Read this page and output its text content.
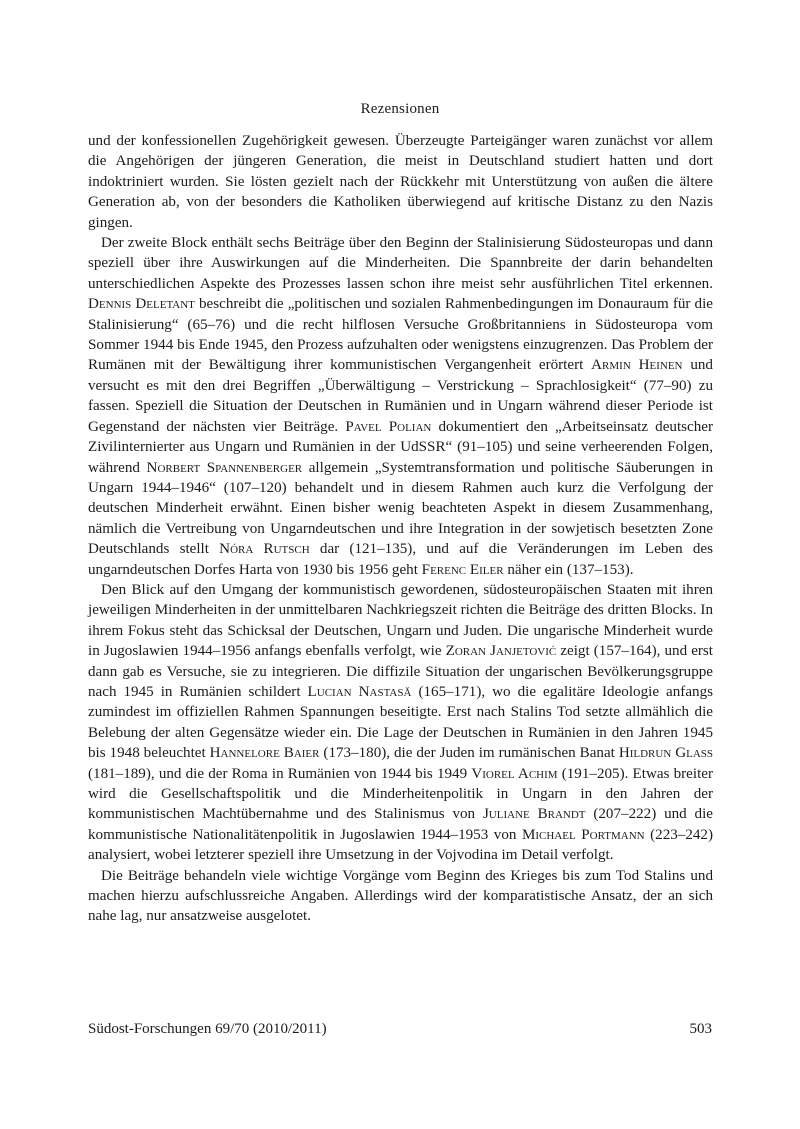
Rezensionen

und der konfessionellen Zugehörigkeit gewesen. Überzeugte Parteigänger waren zunächst vor allem die Angehörigen der jüngeren Generation, die meist in Deutschland studiert hatten und dort indoktriniert wurden. Sie lösten gezielt nach der Rückkehr mit Unterstützung von außen die ältere Generation ab, von der besonders die Katholiken überwiegend auf kritische Distanz zu den Nazis gingen.

Der zweite Block enthält sechs Beiträge über den Beginn der Stalinisierung Südosteuropas und dann speziell über ihre Auswirkungen auf die Minderheiten. Die Spannbreite der darin behandelten unterschiedlichen Aspekte des Prozesses lassen schon ihre meist sehr ausführlichen Titel erkennen. Dennis Deletant beschreibt die „politischen und sozialen Rahmenbedingungen im Donauraum für die Stalinisierung“ (65–76) und die recht hilflosen Versuche Großbritanniens in Südosteuropa vom Sommer 1944 bis Ende 1945, den Prozess aufzuhalten oder wenigstens einzugrenzen. Das Problem der Rumänen mit der Bewältigung ihrer kommunistischen Vergangenheit erörtert Armin Heinen und versucht es mit den drei Begriffen „Überwältigung – Verstrickung – Sprachlosigkeit“ (77–90) zu fassen. Speziell die Situation der Deutschen in Rumänien und in Ungarn während dieser Periode ist Gegenstand der nächsten vier Beiträge. Pavel Polian dokumentiert den „Arbeitseinsatz deutscher Zivilinternierter aus Ungarn und Rumänien in der UdSSR“ (91–105) und seine verheerenden Folgen, während Norbert Spannenberger allgemein „Systemtransformation und politische Säuberungen in Ungarn 1944–1946“ (107–120) behandelt und in diesem Rahmen auch kurz die Verfolgung der deutschen Minderheit erwähnt. Einen bisher wenig beachteten Aspekt in diesem Zusammenhang, nämlich die Vertreibung von Ungarndeutschen und ihre Integration in der sowjetisch besetzten Zone Deutschlands stellt Nóra Rutsch dar (121–135), und auf die Veränderungen im Leben des ungarndeutschen Dorfes Harta von 1930 bis 1956 geht Ferenc Eiler näher ein (137–153).

Den Blick auf den Umgang der kommunistisch gewordenen, südosteuropäischen Staaten mit ihren jeweiligen Minderheiten in der unmittelbaren Nachkriegszeit richten die Beiträge des dritten Blocks. In ihrem Fokus steht das Schicksal der Deutschen, Ungarn und Juden. Die ungarische Minderheit wurde in Jugoslawien 1944–1956 anfangs ebenfalls verfolgt, wie Zoran Janjetović zeigt (157–164), und erst dann gab es Versuche, sie zu integrieren. Die diffizile Situation der ungarischen Bevölkerungsgruppe nach 1945 in Rumänien schildert Lucian Nastasă (165–171), wo die egalitäre Ideologie anfangs zumindest im offiziellen Rahmen Spannungen beseitigte. Erst nach Stalins Tod setzte allmählich die Belebung der alten Gegensätze wieder ein. Die Lage der Deutschen in Rumänien in den Jahren 1945 bis 1948 beleuchtet Hannelore Baier (173–180), die der Juden im rumänischen Banat Hildrun Glass (181–189), und die der Roma in Rumänien von 1944 bis 1949 Viorel Achim (191–205). Etwas breiter wird die Gesellschaftspolitik und die Minderheitenpolitik in Ungarn in den Jahren der kommunistischen Machtübernahme und des Stalinismus von Juliane Brandt (207–222) und die kommunistische Nationalitätenpolitik in Jugoslawien 1944–1953 von Michael Portmann (223–242) analysiert, wobei letzterer speziell ihre Umsetzung in der Vojvodina im Detail verfolgt.

Die Beiträge behandeln viele wichtige Vorgänge vom Beginn des Krieges bis zum Tod Stalins und machen hierzu aufschlussreiche Angaben. Allerdings wird der komparatistische Ansatz, der an sich nahe lag, nur ansatzweise ausgelotet.

Südost-Forschungen 69/70 (2010/2011)	503
